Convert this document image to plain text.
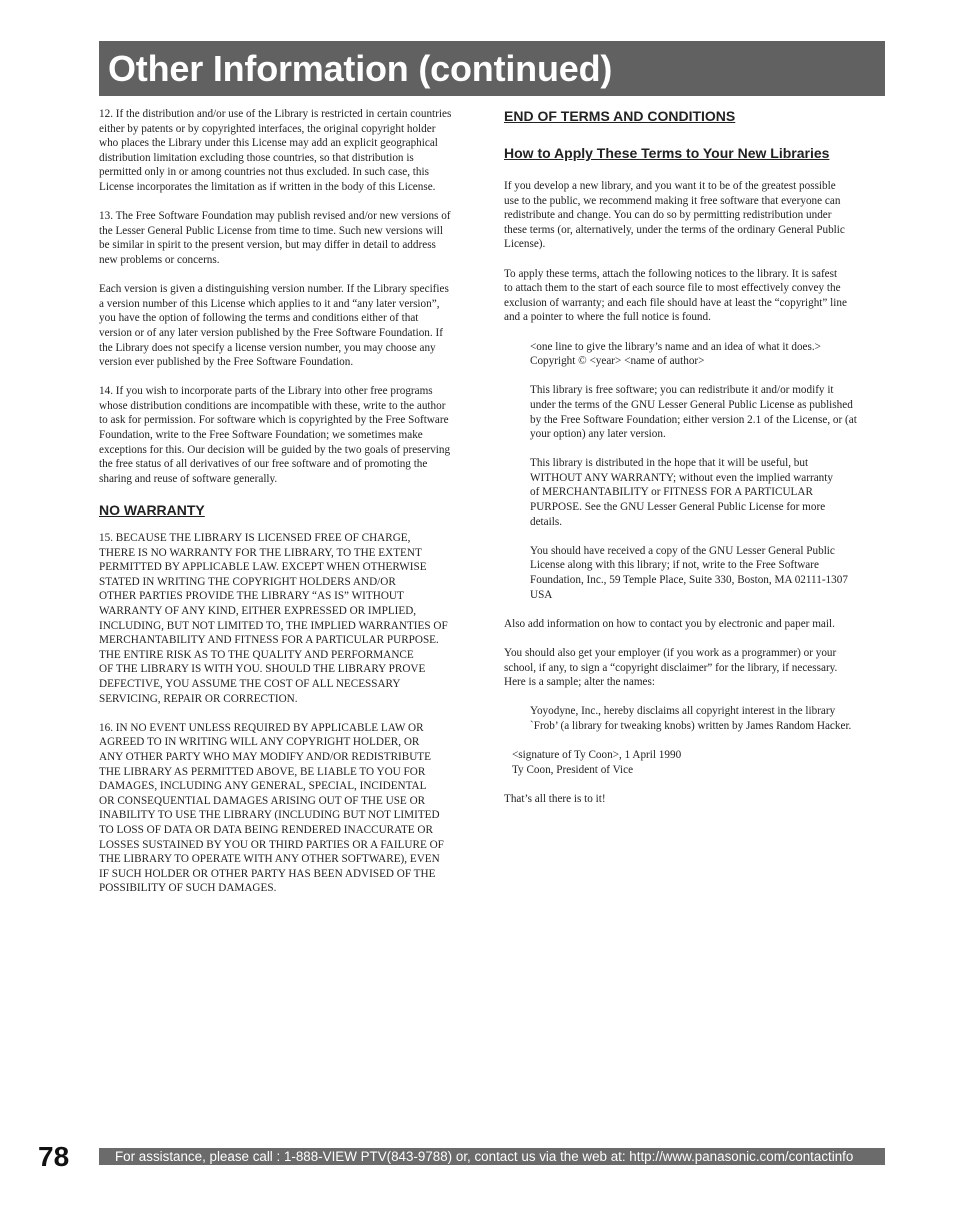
Other Information (continued)

12. If the distribution and/or use of the Library is restricted in certain countries
either by patents or by copyrighted interfaces, the original copyright holder
who places the Library under this License may add an explicit geographical
distribution limitation excluding those countries, so that distribution is
permitted only in or among countries not thus excluded. In such case, this
License incorporates the limitation as if written in the body of this License.

13. The Free Software Foundation may publish revised and/or new versions of
the Lesser General Public License from time to time. Such new versions will
be similar in spirit to the present version, but may differ in detail to address
new problems or concerns.

Each version is given a distinguishing version number. If the Library specifies
a version number of this License which applies to it and “any later version”,
you have the option of following the terms and conditions either of that
version or of any later version published by the Free Software Foundation. If
the Library does not specify a license version number, you may choose any
version ever published by the Free Software Foundation.

14. If you wish to incorporate parts of the Library into other free programs
whose distribution conditions are incompatible with these, write to the author
to ask for permission. For software which is copyrighted by the Free Software
Foundation, write to the Free Software Foundation; we sometimes make
exceptions for this. Our decision will be guided by the two goals of preserving
the free status of all derivatives of our free software and of promoting the
sharing and reuse of software generally.

NO WARRANTY

15. BECAUSE THE LIBRARY IS LICENSED FREE OF CHARGE,
THERE IS NO WARRANTY FOR THE LIBRARY, TO THE EXTENT
PERMITTED BY APPLICABLE LAW. EXCEPT WHEN OTHERWISE
STATED IN WRITING THE COPYRIGHT HOLDERS AND/OR
OTHER PARTIES PROVIDE THE LIBRARY “AS IS” WITHOUT
WARRANTY OF ANY KIND, EITHER EXPRESSED OR IMPLIED,
INCLUDING, BUT NOT LIMITED TO, THE IMPLIED WARRANTIES OF
MERCHANTABILITY AND FITNESS FOR A PARTICULAR PURPOSE.
THE ENTIRE RISK AS TO THE QUALITY AND PERFORMANCE
OF THE LIBRARY IS WITH YOU. SHOULD THE LIBRARY PROVE
DEFECTIVE, YOU ASSUME THE COST OF ALL NECESSARY
SERVICING, REPAIR OR CORRECTION.

16. IN NO EVENT UNLESS REQUIRED BY APPLICABLE LAW OR
AGREED TO IN WRITING WILL ANY COPYRIGHT HOLDER, OR
ANY OTHER PARTY WHO MAY MODIFY AND/OR REDISTRIBUTE
THE LIBRARY AS PERMITTED ABOVE, BE LIABLE TO YOU FOR
DAMAGES, INCLUDING ANY GENERAL, SPECIAL, INCIDENTAL
OR CONSEQUENTIAL DAMAGES ARISING OUT OF THE USE OR
INABILITY TO USE THE LIBRARY (INCLUDING BUT NOT LIMITED
TO LOSS OF DATA OR DATA BEING RENDERED INACCURATE OR
LOSSES SUSTAINED BY YOU OR THIRD PARTIES OR A FAILURE OF
THE LIBRARY TO OPERATE WITH ANY OTHER SOFTWARE), EVEN
IF SUCH HOLDER OR OTHER PARTY HAS BEEN ADVISED OF THE
POSSIBILITY OF SUCH DAMAGES.

END OF TERMS AND CONDITIONS
How to Apply These Terms to Your New Libraries

If you develop a new library, and you want it to be of the greatest possible
use to the public, we recommend making it free software that everyone can
redistribute and change. You can do so by permitting redistribution under
these terms (or, alternatively, under the terms of the ordinary General Public
License).

To apply these terms, attach the following notices to the library. It is safest
to attach them to the start of each source file to most effectively convey the
exclusion of warranty; and each file should have at least the “copyright” line
and a pointer to where the full notice is found.

<one line to give the library’s name and an idea of what it does.>
Copyright © <year> <name of author>

This library is free software; you can redistribute it and/or modify it
under the terms of the GNU Lesser General Public License as published
by the Free Software Foundation; either version 2.1 of the License, or (at
your option) any later version.

This library is distributed in the hope that it will be useful, but
WITHOUT ANY WARRANTY; without even the implied warranty
of MERCHANTABILITY or FITNESS FOR A PARTICULAR
PURPOSE. See the GNU Lesser General Public License for more
details.

You should have received a copy of the GNU Lesser General Public
License along with this library; if not, write to the Free Software
Foundation, Inc., 59 Temple Place, Suite 330, Boston, MA 02111-1307
USA

Also add information on how to contact you by electronic and paper mail.

You should also get your employer (if you work as a programmer) or your
school, if any, to sign a “copyright disclaimer” for the library, if necessary.
Here is a sample; alter the names:

Yoyodyne, Inc., hereby disclaims all copyright interest in the library
`Frob’ (a library for tweaking knobs) written by James Random Hacker.

<signature of Ty Coon>, 1 April 1990
Ty Coon, President of Vice

That’s all there is to it!

78	For assistance, please call : 1-888-VIEW PTV(843-9788) or, contact us via the web at: http://www.panasonic.com/contactinfo
